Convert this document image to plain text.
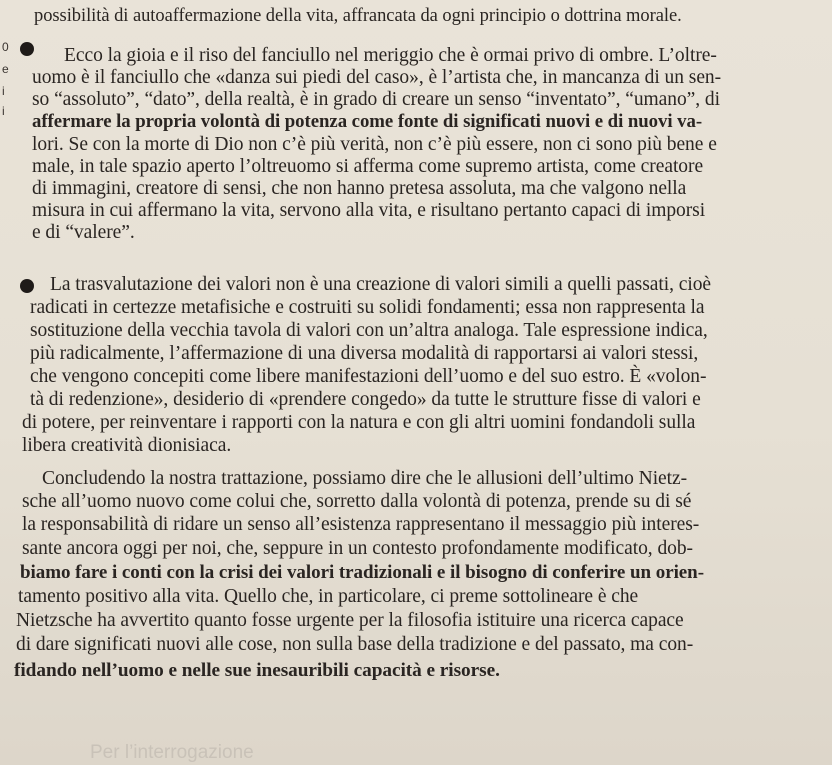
0
e
i
i
possibilità di autoaffermazione della vita, affrancata da ogni principio o dottrina morale.
Ecco la gioia e il riso del fanciullo nel meriggio che è ormai privo di ombre. L’oltre-
uomo è il fanciullo che «danza sui piedi del caso», è l’artista che, in mancanza di un sen-
so “assoluto”, “dato”, della realtà, è in grado di creare un senso “inventato”, “umano”, di
affermare la propria volontà di potenza come fonte di significati nuovi e di nuovi va-
lori. Se con la morte di Dio non c’è più verità, non c’è più essere, non ci sono più bene e
male, in tale spazio aperto l’oltreuomo si afferma come supremo artista, come creatore
di immagini, creatore di sensi, che non hanno pretesa assoluta, ma che valgono nella
misura in cui affermano la vita, servono alla vita, e risultano pertanto capaci di imporsi
e di “valere”.
La trasvalutazione dei valori non è una creazione di valori simili a quelli passati, cioè
radicati in certezze metafisiche e costruiti su solidi fondamenti; essa non rappresenta la
sostituzione della vecchia tavola di valori con un’altra analoga. Tale espressione indica,
più radicalmente, l’affermazione di una diversa modalità di rapportarsi ai valori stessi,
che vengono concepiti come libere manifestazioni dell’uomo e del suo estro. È «volon-
tà di redenzione», desiderio di «prendere congedo» da tutte le strutture fisse di valori e
di potere, per reinventare i rapporti con la natura e con gli altri uomini fondandoli sulla
libera creatività dionisiaca.
Concludendo la nostra trattazione, possiamo dire che le allusioni dell’ultimo Nietz-
sche all’uomo nuovo come colui che, sorretto dalla volontà di potenza, prende su di sé
la responsabilità di ridare un senso all’esistenza rappresentano il messaggio più interes-
sante ancora oggi per noi, che, seppure in un contesto profondamente modificato, dob-
biamo fare i conti con la crisi dei valori tradizionali e il bisogno di conferire un orien-
tamento positivo alla vita. Quello che, in particolare, ci preme sottolineare è che
Nietzsche ha avvertito quanto fosse urgente per la filosofia istituire una ricerca capace
di dare significati nuovi alle cose, non sulla base della tradizione e del passato, ma con-
fidando nell’uomo e nelle sue inesauribili capacità e risorse.
Per l’interrogazione
